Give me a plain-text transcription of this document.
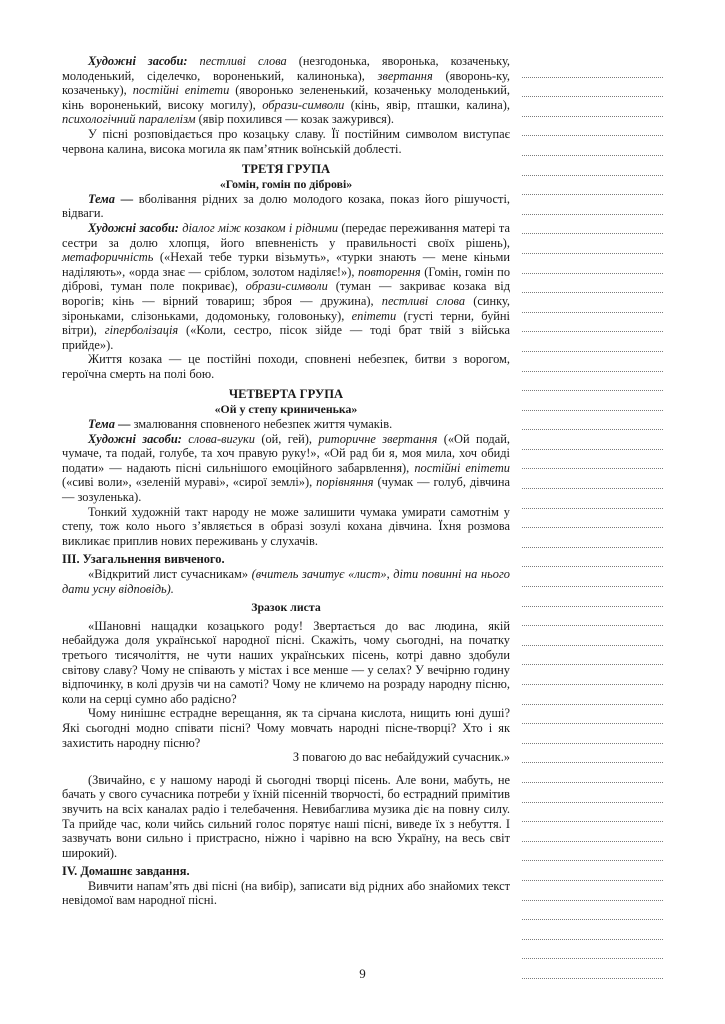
Художні засоби: пестливі слова (незгодонька, яворонька, козаченьку, молоденький, сіделечко, вороненький, калинонька), звертання (яворонь-ку, козаченьку), постійні епітети (яворонько зелененький, козаченьку молоденький, кінь вороненький, високу могилу), образи-символи (кінь, явір, пташки, калина), психологічний паралелізм (явір похилився — козак зажурився).

У пісні розповідається про козацьку славу. Її постійним символом виступає червона калина, висока могила як пам’ятник воїнській доблесті.

ТРЕТЯ ГРУПА
«Гомін, гомін по діброві»

Тема — вболівання рідних за долю молодого козака, показ його рішучості, відваги.

Художні засоби: діалог між козаком і рідними (передає переживання матері та сестри за долю хлопця, його впевненість у правильності своїх рішень), метафоричність («Нехай тебе турки візьмуть», «турки знають — мене кіньми наділяють», «орда знає — сріблом, золотом наділяє!»), повторення (Гомін, гомін по діброві, туман поле покриває), образи-символи (туман — закриває козака від ворогів; кінь — вірний товариш; зброя — дружина), пестливі слова (синку, зіроньками, слізоньками, додомоньку, головоньку), епітети (густі терни, буйні вітри), гіперболізація («Коли, сестро, пісок зійде — тоді брат твій з війська прийде»).

Життя козака — це постійні походи, сповнені небезпек, битви з ворогом, героїчна смерть на полі бою.

ЧЕТВЕРТА ГРУПА
«Ой у степу криниченька»

Тема — змалювання сповненого небезпек життя чумаків.

Художні засоби: слова-вигуки (ой, гей), риторичне звертання («Ой подай, чумаче, та подай, голубе, та хоч правую руку!», «Ой рад би я, моя мила, хоч обиді подати» — надають пісні сильнішого емоційного забарвлення), постійні епітети («сиві воли», «зеленій мураві», «сирої землі»), порівняння (чумак — голуб, дівчина — зозуленька).

Тонкий художній такт народу не може залишити чумака умирати самотнім у степу, тож коло нього з’являється в образі зозулі кохана дівчина. Їхня розмова викликає приплив нових переживань у слухачів.

III. Узагальнення вивченого.

«Відкритий лист сучасникам» (вчитель зачитує «лист», діти повинні на нього дати усну відповідь).

Зразок листа

«Шановні нащадки козацького роду! Звертається до вас людина, якій небайдужа доля української народної пісні. Скажіть, чому сьогодні, на початку третього тисячоліття, не чути наших українських пісень, котрі давно здобули світову славу? Чому не співають у містах і все менше — у селах? У вечірню годину відпочинку, в колі друзів чи на самоті? Чому не кличемо на розраду народну пісню, коли на серці сумно або радісно?

Чому нинішнє естрадне верещання, як та сірчана кислота, нищить юні душі? Які сьогодні модно співати пісні? Чому мовчать народні пісне-творці? Хто і як захистить народну пісню?

З повагою до вас небайдужий сучасник.»

(Звичайно, є у нашому народі й сьогодні творці пісень. Але вони, мабуть, не бачать у свого сучасника потреби у їхній пісенній творчості, бо естрадний примітив звучить на всіх каналах радіо і телебачення. Невибаглива музика діє на повну силу. Та прийде час, коли чийсь сильний голос порятує наші пісні, виведе їх з небуття. І зазвучать вони сильно і пристрасно, ніжно і чарівно на всю Україну, на весь світ широкий).

IV. Домашнє завдання.

Вивчити напам’ять дві пісні (на вибір), записати від рідних або знайомих текст невідомої вам народної пісні.

9
